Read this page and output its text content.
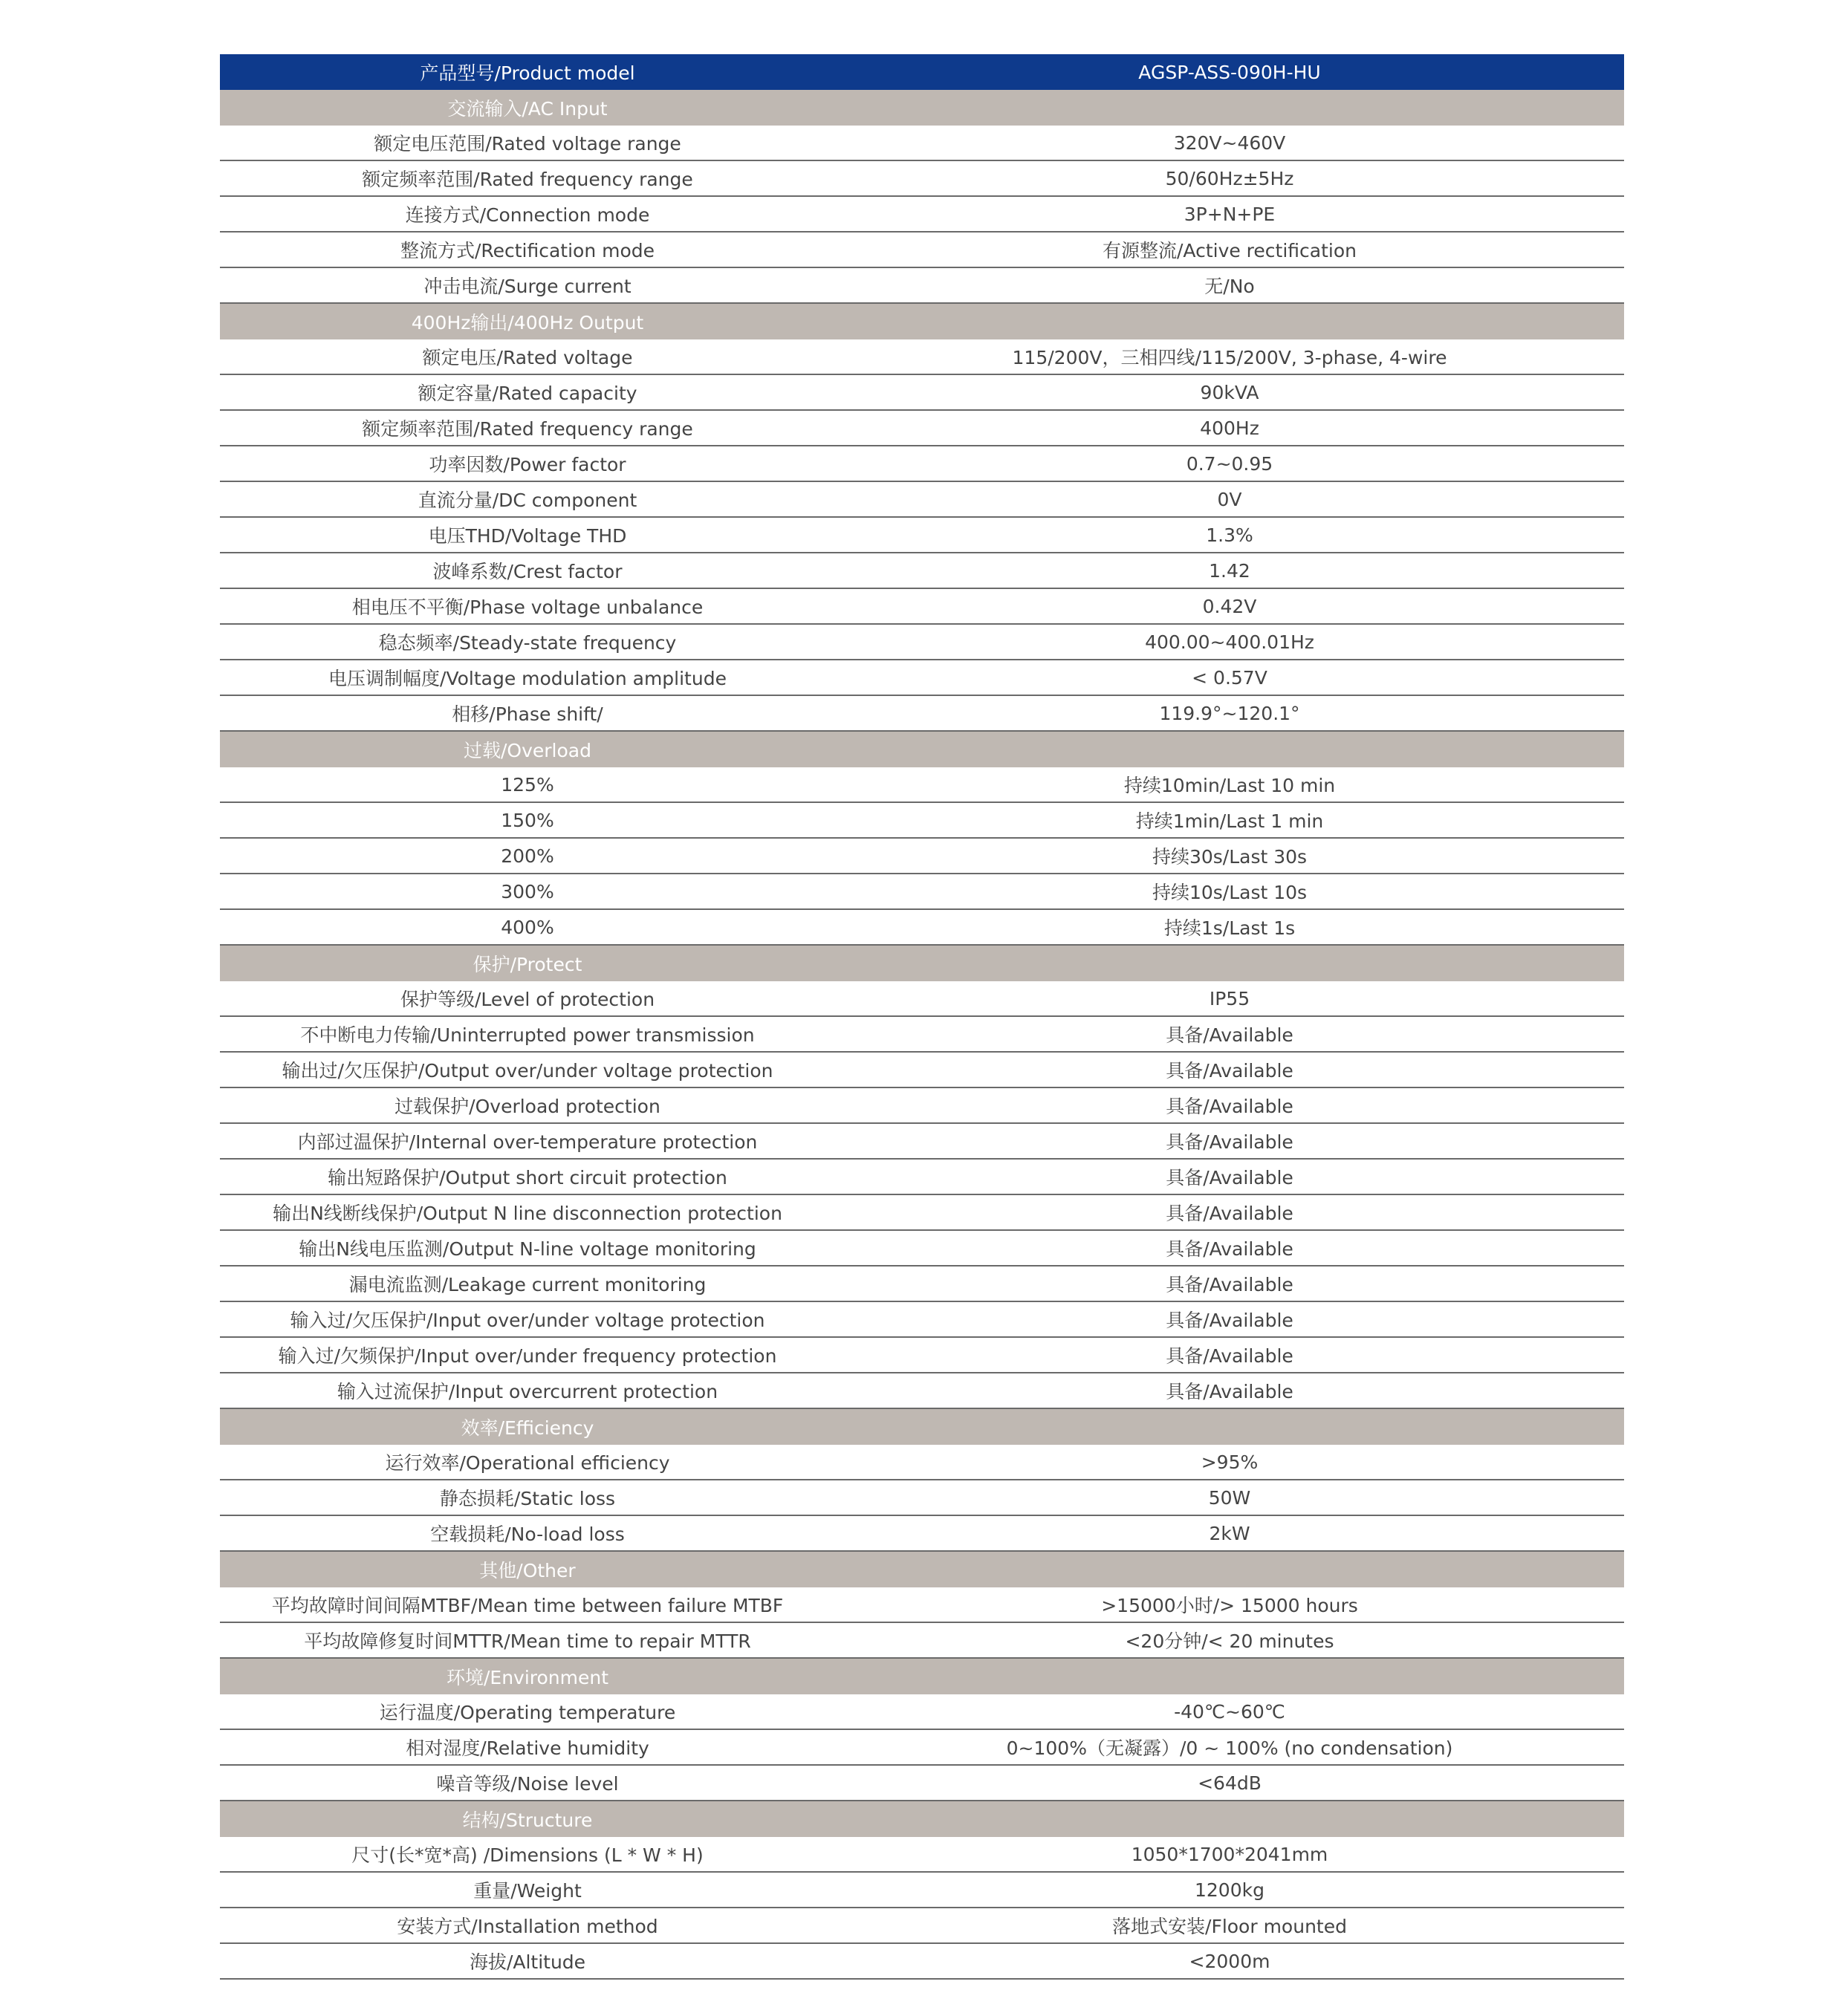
产品型号/Product model	AGSP-ASS-090H-HU
交流输入/AC Input
额定电压范围/Rated voltage range	320V~460V
额定频率范围/Rated frequency range	50/60Hz±5Hz
连接方式/Connection mode	3P+N+PE
整流方式/Rectification mode	有源整流/Active rectification
冲击电流/Surge current	无/No
400Hz输出/400Hz Output
额定电压/Rated voltage	115/200V，三相四线/115/200V, 3-phase, 4-wire
额定容量/Rated capacity	90kVA
额定频率范围/Rated frequency range	400Hz
功率因数/Power factor	0.7~0.95
直流分量/DC component	0V
电压THD/Voltage THD	1.3%
波峰系数/Crest factor	1.42
相电压不平衡/Phase voltage unbalance	0.42V
稳态频率/Steady-state frequency	400.00~400.01Hz
电压调制幅度/Voltage modulation amplitude	< 0.57V
相移/Phase shift/	119.9°~120.1°
过载/Overload
125%	持续10min/Last 10 min
150%	持续1min/Last 1 min
200%	持续30s/Last 30s
300%	持续10s/Last 10s
400%	持续1s/Last 1s
保护/Protect
保护等级/Level of protection	IP55
不中断电力传输/Uninterrupted power transmission	具备/Available
输出过/欠压保护/Output over/under voltage protection	具备/Available
过载保护/Overload protection	具备/Available
内部过温保护/Internal over-temperature protection	具备/Available
输出短路保护/Output short circuit protection	具备/Available
输出N线断线保护/Output N line disconnection protection	具备/Available
输出N线电压监测/Output N-line voltage monitoring	具备/Available
漏电流监测/Leakage current monitoring	具备/Available
输入过/欠压保护/Input over/under voltage protection	具备/Available
输入过/欠频保护/Input over/under frequency protection	具备/Available
输入过流保护/Input overcurrent protection	具备/Available
效率/Efficiency
运行效率/Operational efficiency	>95%
静态损耗/Static loss	50W
空载损耗/No-load loss	2kW
其他/Other
平均故障时间间隔MTBF/Mean time between failure MTBF	>15000小时/> 15000 hours
平均故障修复时间MTTR/Mean time to repair MTTR	<20分钟/< 20 minutes
环境/Environment
运行温度/Operating temperature	-40℃~60℃
相对湿度/Relative humidity	0~100%（无凝露）/0 ~ 100% (no condensation)
噪音等级/Noise level	<64dB
结构/Structure
尺寸(长*宽*高) /Dimensions (L * W * H)	1050*1700*2041mm
重量/Weight	1200kg
安装方式/Installation method	落地式安装/Floor mounted
海拔/Altitude	<2000m
